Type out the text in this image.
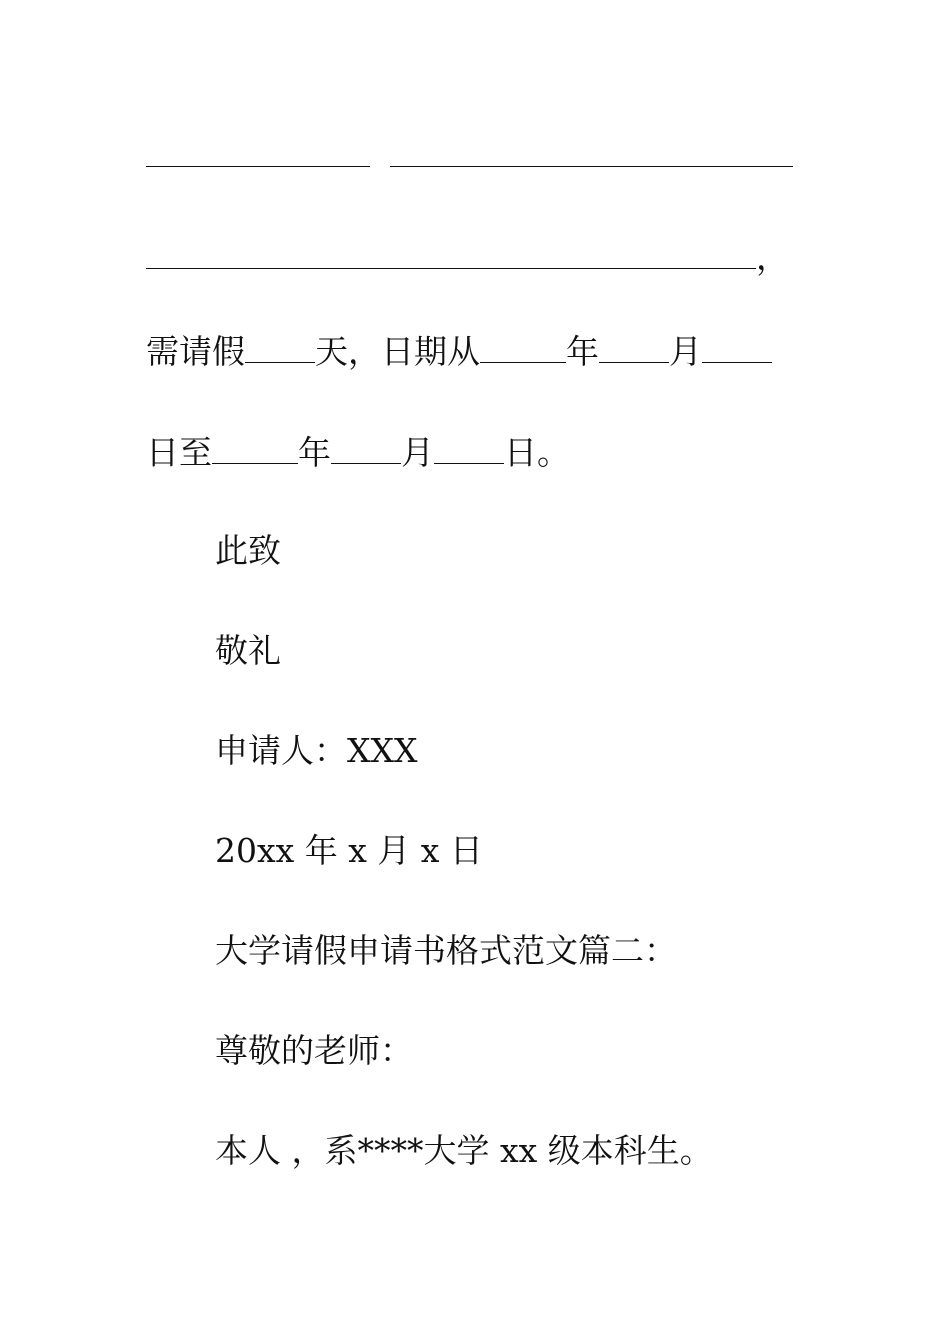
，
需请假 天，日期从	年 月
日至	年 月 日。
此致
敬礼
申请人：XXX
20xx 年 x 月 x 日
大学请假申请书格式范文篇二：
尊敬的老师：
本人 ，系****大学 xx 级本科生。
